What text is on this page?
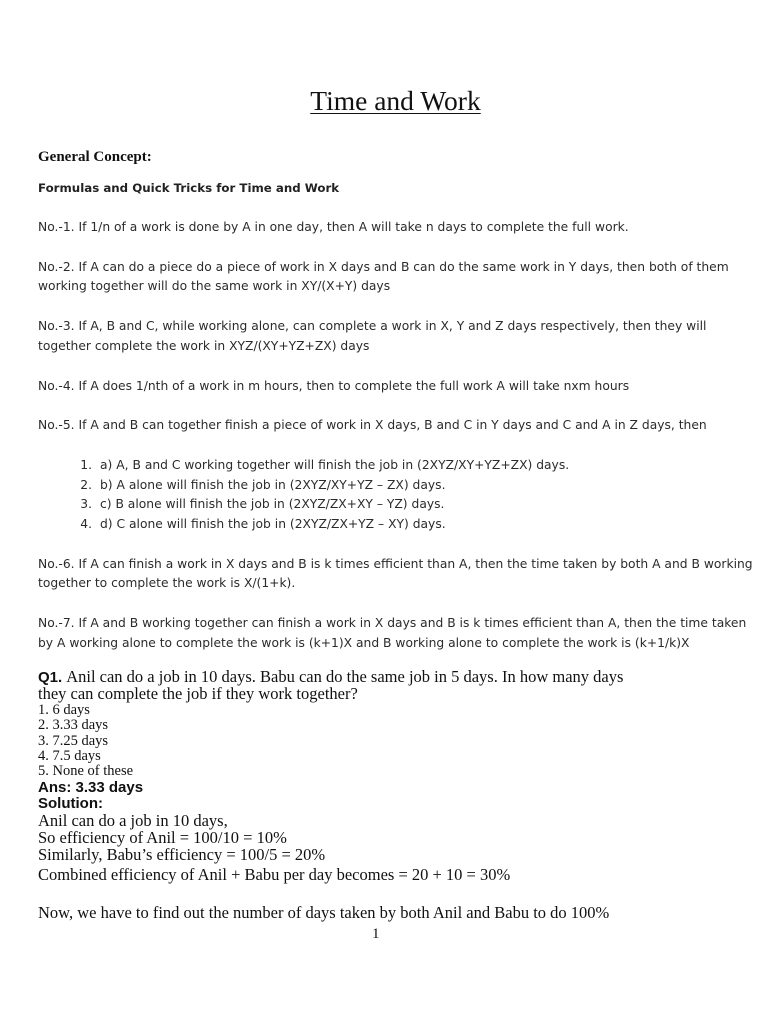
Time and Work
General Concept:
Formulas and Quick Tricks for Time and Work
No.-1. If 1/n of a work is done by A in one day, then A will take n days to complete the full work.
No.-2. If A can do a piece do a piece of work in X days and B can do the same work in Y days, then both of them
working together will do the same work in XY/(X+Y) days
No.-3. If A, B and C, while working alone, can complete a work in X, Y and Z days respectively, then they will
together complete the work in XYZ/(XY+YZ+ZX) days
No.-4. If A does 1/nth of a work in m hours, then to complete the full work A will take nxm hours
No.-5. If A and B can together finish a piece of work in X days, B and C in Y days and C and A in Z days, then
1. a) A, B and C working together will finish the job in (2XYZ/XY+YZ+ZX) days.
2. b) A alone will finish the job in (2XYZ/XY+YZ – ZX) days.
3. c) B alone will finish the job in (2XYZ/ZX+XY – YZ) days.
4. d) C alone will finish the job in (2XYZ/ZX+YZ – XY) days.
No.-6. If A can finish a work in X days and B is k times efficient than A, then the time taken by both A and B working
together to complete the work is X/(1+k).
No.-7. If A and B working together can finish a work in X days and B is k times efficient than A, then the time taken
by A working alone to complete the work is (k+1)X and B working alone to complete the work is (k+1/k)X
Q1. Anil can do a job in 10 days. Babu can do the same job in 5 days. In how many days
they can complete the job if they work together?
1. 6 days
2. 3.33 days
3. 7.25 days
4. 7.5 days
5. None of these
Ans: 3.33 days
Solution:
Anil can do a job in 10 days,
So efficiency of Anil = 100/10 = 10%
Similarly, Babu’s efficiency = 100/5 = 20%
Combined efficiency of Anil + Babu per day becomes = 20 + 10 = 30%
Now, we have to find out the number of days taken by both Anil and Babu to do 100%
1
